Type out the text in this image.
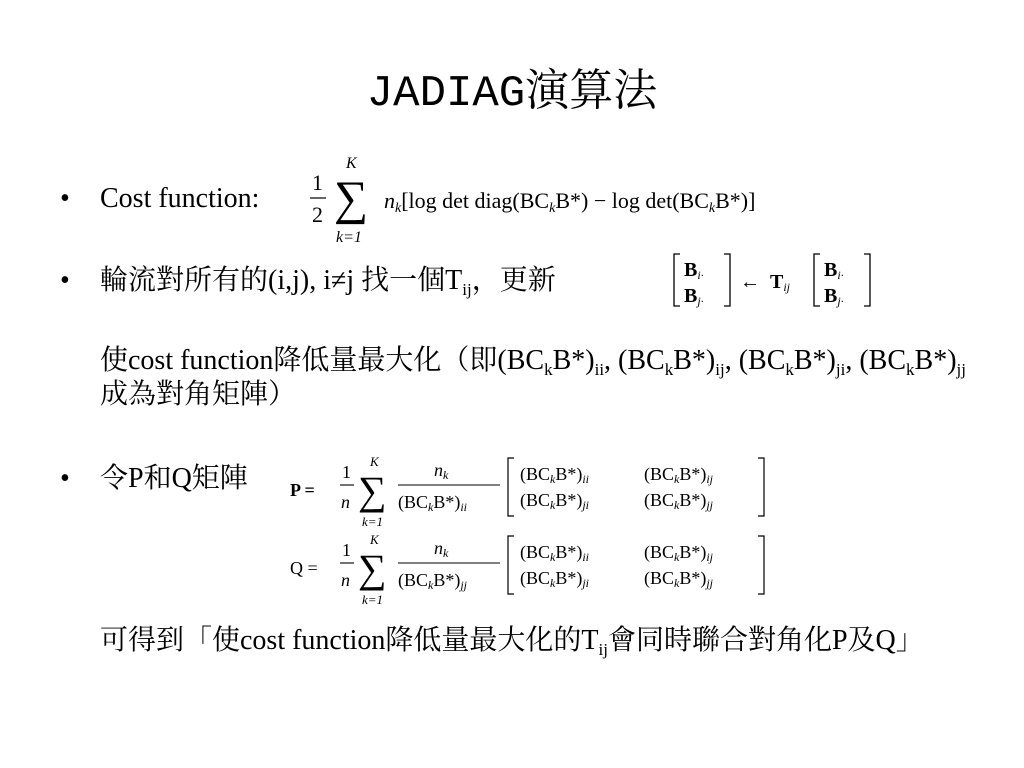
JADIAG演算法
• Cost function:
1
2
K
∑
k=1
nk[log det diag(BCkB*) − log det(BCkB*)]
• 輪流對所有的(i,j), i≠j 找一個$T_{ij}$，更新	Bi·
Bj·
← Tij
Bi·
Bj·
使cost function降低量最大化（即$(BC_kB*)_{ii}$, $(BC_kB*)_{ij}$, $(BC_kB*)_{ji}$, $(BC_kB*)_{jj}$成為對角矩陣）
• 令P和Q矩陣 P =
1
n
K
∑
k=1
nk
(BCkB*)ii
(BCkB*)ii	(BCkB*)ij
(BCkB*)ji	(BCkB*)jj
Q =
1
n
K
∑
k=1
nk
(BCkB*)jj
(BCkB*)ii	(BCkB*)ij
(BCkB*)ji	(BCkB*)jj
可得到「使cost function降低量最大化的$T_{ij}$會同時聯合對角化P及Q」
